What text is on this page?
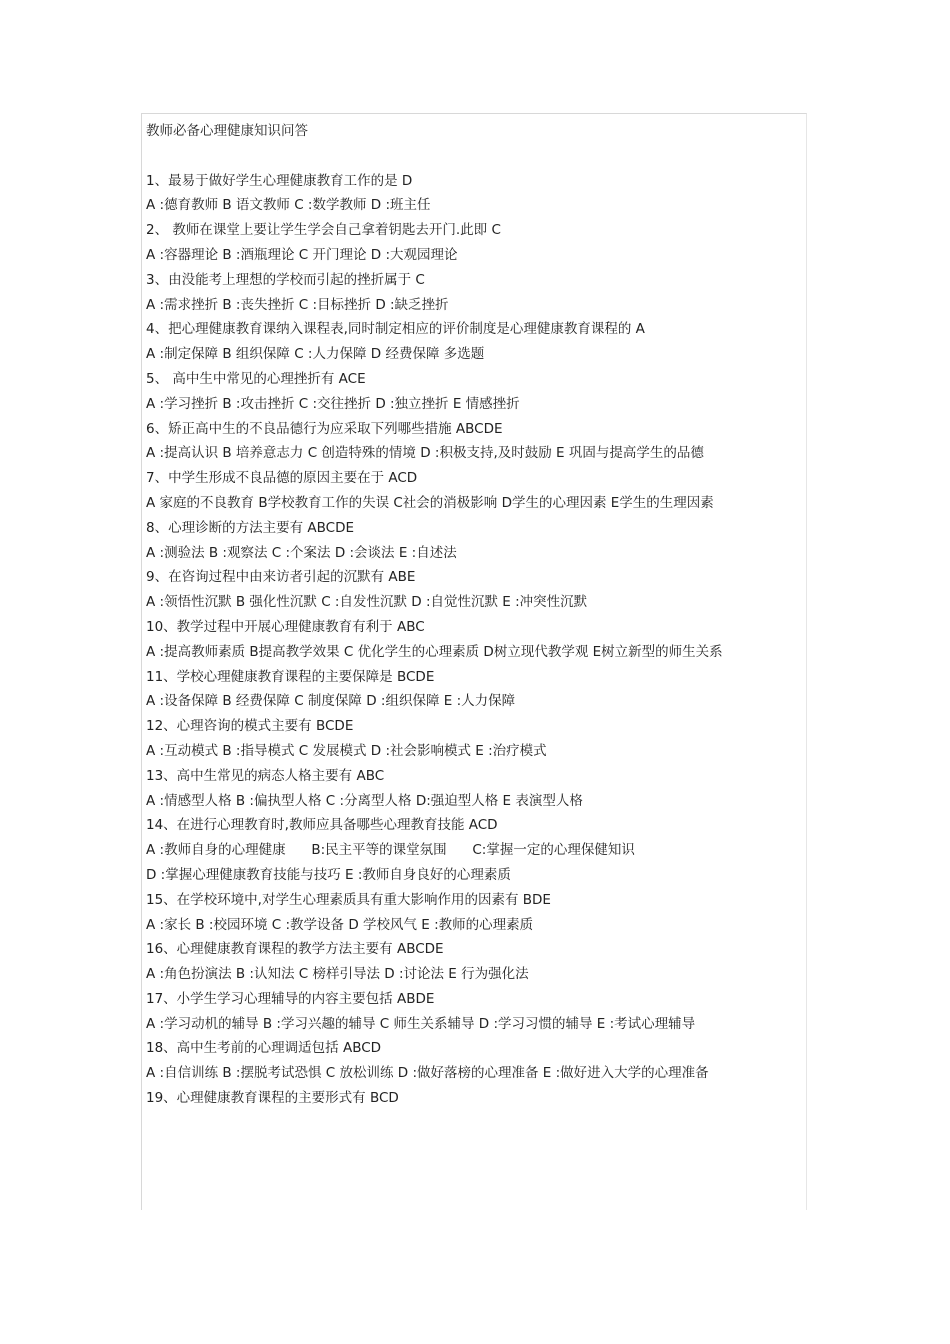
教师必备心理健康知识问答
1、最易于做好学生心理健康教育工作的是 D
A :德育教师 B 语文教师 C :数学教师 D :班主任
2、 教师在课堂上要让学生学会自己拿着钥匙去开门.此即 C
A :容器理论 B :酒瓶理论 C 开门理论 D :大观园理论
3、由没能考上理想的学校而引起的挫折属于 C
A :需求挫折 B :丧失挫折 C :目标挫折 D :缺乏挫折
4、把心理健康教育课纳入课程表,同时制定相应的评价制度是心理健康教育课程的 A
A :制定保障 B 组织保障 C :人力保障 D 经费保障 多选题
5、 高中生中常见的心理挫折有 ACE
A :学习挫折 B :攻击挫折 C :交往挫折 D :独立挫折 E 情感挫折
6、矫正高中生的不良品德行为应采取下列哪些措施 ABCDE
A :提高认识 B 培养意志力 C 创造特殊的情境 D :积极支持,及时鼓励 E 巩固与提高学生的品德
7、中学生形成不良品德的原因主要在于 ACD
A 家庭的不良教育 B学校教育工作的失误 C社会的消极影响 D学生的心理因素 E学生的生理因素
8、心理诊断的方法主要有 ABCDE
A :测验法 B :观察法 C :个案法 D :会谈法 E :自述法
9、在咨询过程中由来访者引起的沉默有 ABE
A :领悟性沉默 B 强化性沉默 C :自发性沉默 D :自觉性沉默 E :冲突性沉默
10、教学过程中开展心理健康教育有利于 ABC
A :提高教师素质 B提高教学效果 C 优化学生的心理素质 D树立现代教学观 E树立新型的师生关系
11、学校心理健康教育课程的主要保障是 BCDE
A :设备保障 B 经费保障 C 制度保障 D :组织保障 E :人力保障
12、心理咨询的模式主要有 BCDE
A :互动模式 B :指导模式 C 发展模式 D :社会影响模式 E :治疗模式
13、高中生常见的病态人格主要有 ABC
A :情感型人格 B :偏执型人格 C :分离型人格 D:强迫型人格 E 表演型人格
14、在进行心理教育时,教师应具备哪些心理教育技能 ACD
A :教师自身的心理健康      B:民主平等的课堂氛围      C:掌握一定的心理保健知识
D :掌握心理健康教育技能与技巧 E :教师自身良好的心理素质
15、在学校环境中,对学生心理素质具有重大影响作用的因素有 BDE
A :家长 B :校园环境 C :教学设备 D 学校风气 E :教师的心理素质
16、心理健康教育课程的教学方法主要有 ABCDE
A :角色扮演法 B :认知法 C 榜样引导法 D :讨论法 E 行为强化法
17、小学生学习心理辅导的内容主要包括 ABDE
A :学习动机的辅导 B :学习兴趣的辅导 C 师生关系辅导 D :学习习惯的辅导 E :考试心理辅导
18、高中生考前的心理调适包括 ABCD
A :自信训练 B :摆脱考试恐惧 C 放松训练 D :做好落榜的心理准备 E :做好进入大学的心理准备
19、心理健康教育课程的主要形式有 BCD
